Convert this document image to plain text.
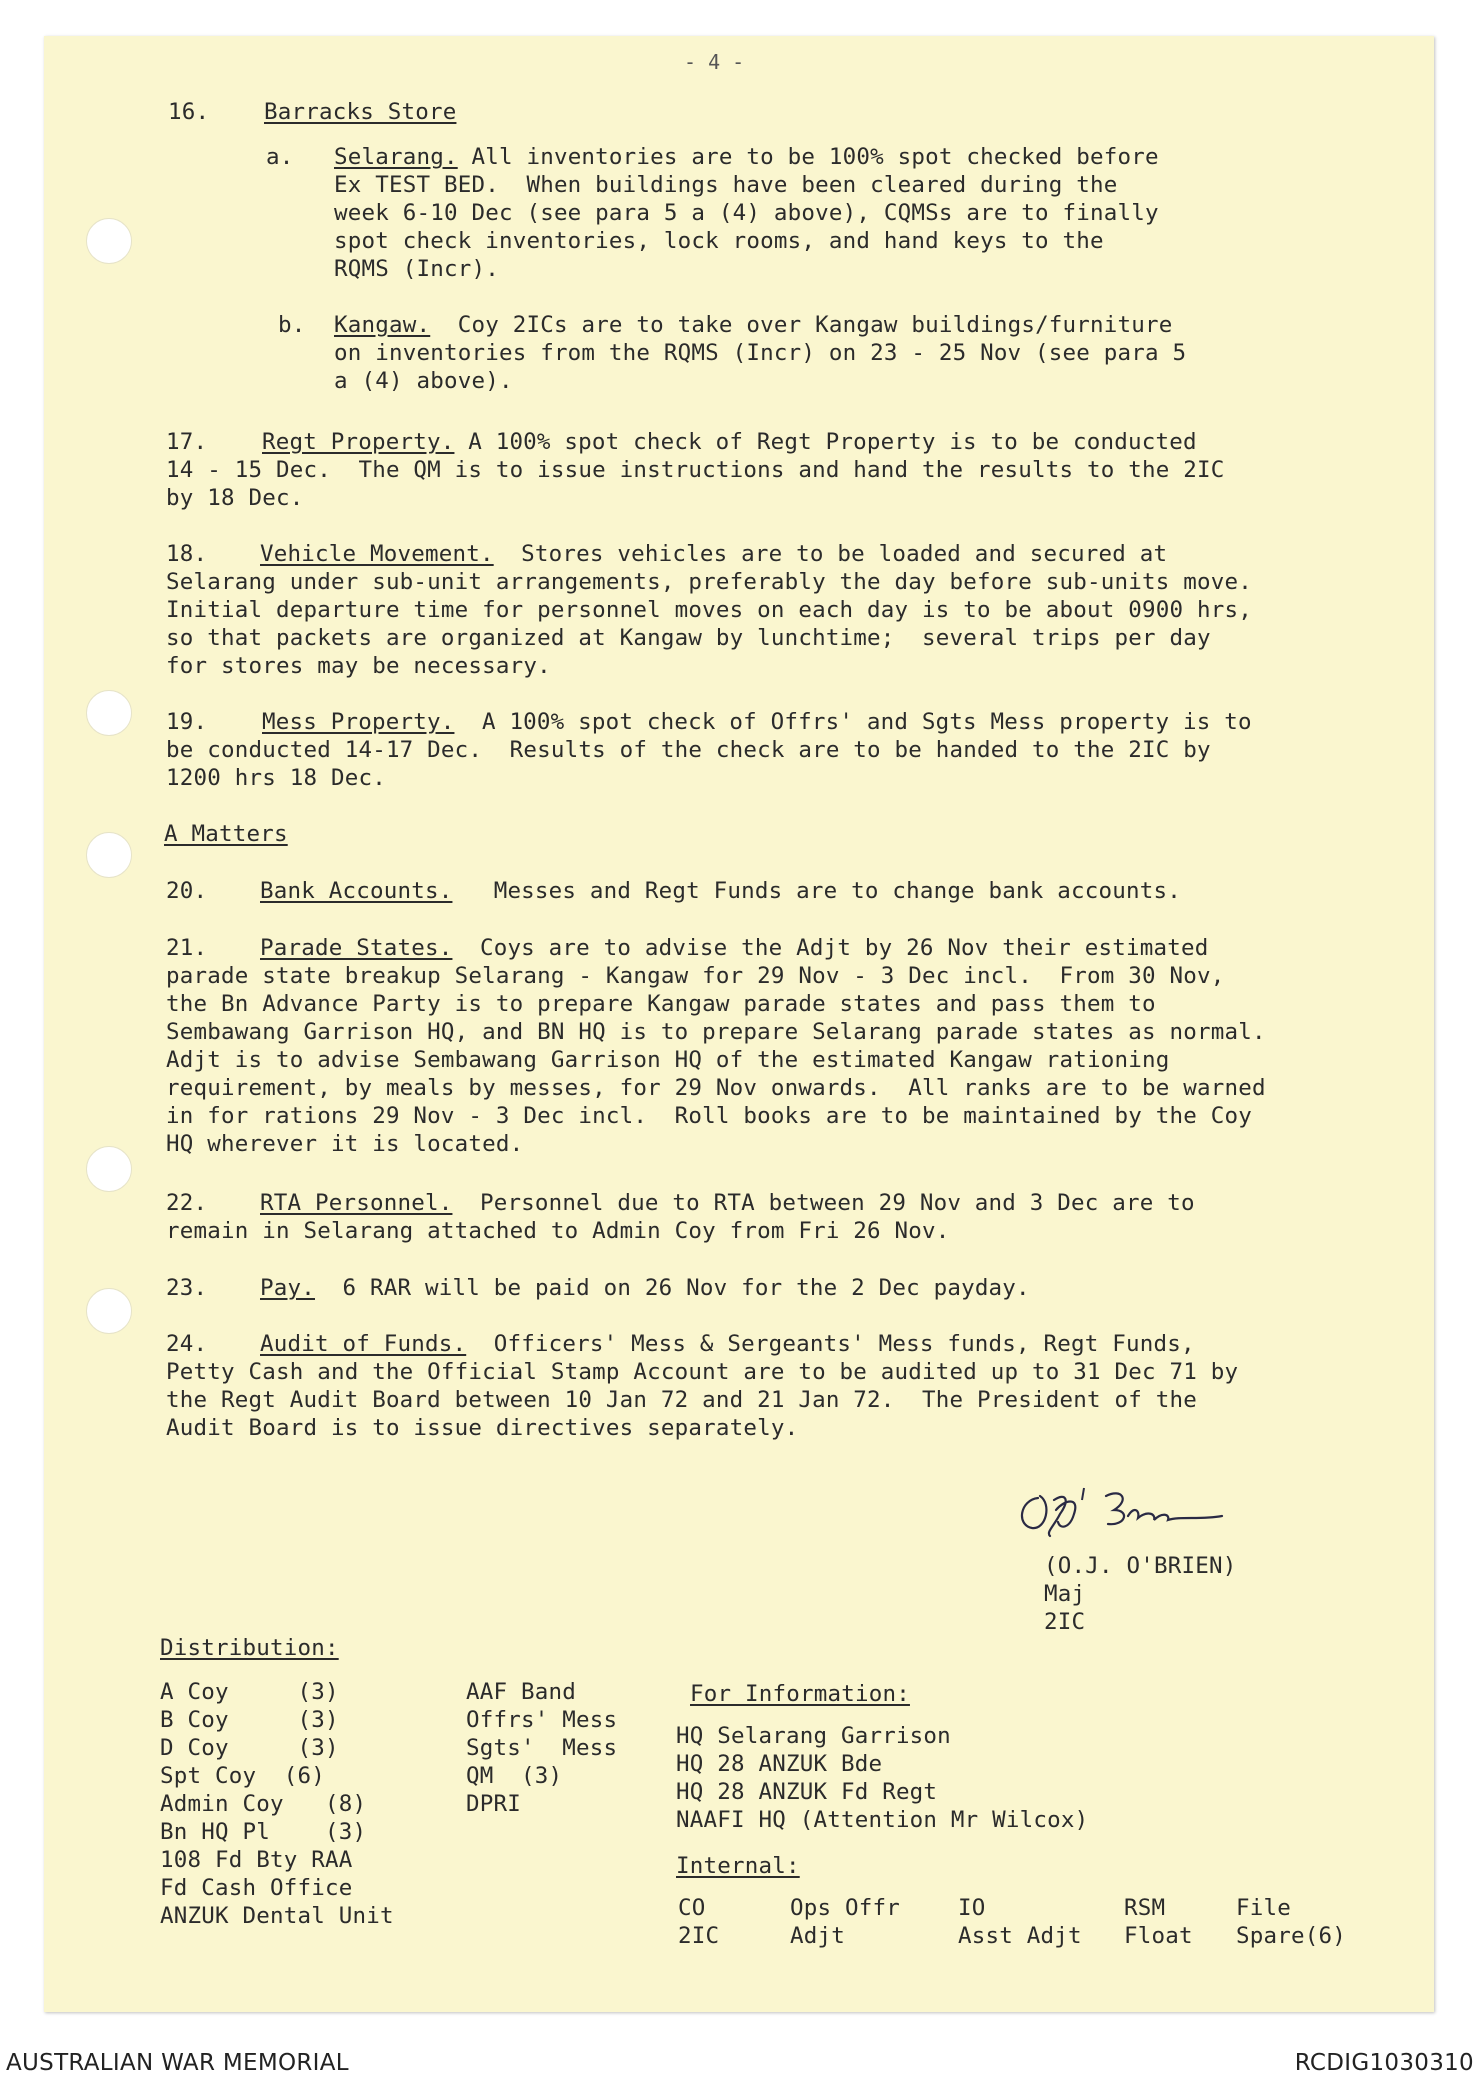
- 4 -
16. Barracks Store
a. Selarang. All inventories are to be 100% spot checked before
Ex TEST BED.  When buildings have been cleared during the
week 6-10 Dec (see para 5 a (4) above), CQMSs are to finally
spot check inventories, lock rooms, and hand keys to the
RQMS (Incr).
b. Kangaw.  Coy 2ICs are to take over Kangaw buildings/furniture
on inventories from the RQMS (Incr) on 23 - 25 Nov (see para 5
a (4) above).
17. Regt Property. A 100% spot check of Regt Property is to be conducted
14 - 15 Dec.  The QM is to issue instructions and hand the results to the 2IC
by 18 Dec.
18. Vehicle Movement.  Stores vehicles are to be loaded and secured at
Selarang under sub-unit arrangements, preferably the day before sub-units move.
Initial departure time for personnel moves on each day is to be about 0900 hrs,
so that packets are organized at Kangaw by lunchtime;  several trips per day
for stores may be necessary.
19. Mess Property.  A 100% spot check of Offrs' and Sgts Mess property is to
be conducted 14-17 Dec.  Results of the check are to be handed to the 2IC by
1200 hrs 18 Dec.
A Matters
20. Bank Accounts.   Messes and Regt Funds are to change bank accounts.
21. Parade States.  Coys are to advise the Adjt by 26 Nov their estimated
parade state breakup Selarang - Kangaw for 29 Nov - 3 Dec incl.  From 30 Nov,
the Bn Advance Party is to prepare Kangaw parade states and pass them to
Sembawang Garrison HQ, and BN HQ is to prepare Selarang parade states as normal.
Adjt is to advise Sembawang Garrison HQ of the estimated Kangaw rationing
requirement, by meals by messes, for 29 Nov onwards.  All ranks are to be warned
in for rations 29 Nov - 3 Dec incl.  Roll books are to be maintained by the Coy
HQ wherever it is located.
22. RTA Personnel.  Personnel due to RTA between 29 Nov and 3 Dec are to
remain in Selarang attached to Admin Coy from Fri 26 Nov.
23. Pay.  6 RAR will be paid on 26 Nov for the 2 Dec payday.
24. Audit of Funds.  Officers' Mess & Sergeants' Mess funds, Regt Funds,
Petty Cash and the Official Stamp Account are to be audited up to 31 Dec 71 by
the Regt Audit Board between 10 Jan 72 and 21 Jan 72.  The President of the
Audit Board is to issue directives separately.
(O.J. O'BRIEN)
Maj
2IC
Distribution:
A Coy     (3)
B Coy     (3)
D Coy     (3)
Spt Coy  (6)
Admin Coy   (8)
Bn HQ Pl    (3)
108 Fd Bty RAA
Fd Cash Office
ANZUK Dental Unit
AAF Band
Offrs' Mess
Sgts'  Mess
QM  (3)
DPRI
For Information:
HQ Selarang Garrison
HQ 28 ANZUK Bde
HQ 28 ANZUK Fd Regt
NAAFI HQ (Attention Mr Wilcox)
Internal:
CO
2IC
Ops Offr
Adjt
IO
Asst Adjt
RSM
Float
File
Spare(6)
AUSTRALIAN WAR MEMORIAL	RCDIG1030310
